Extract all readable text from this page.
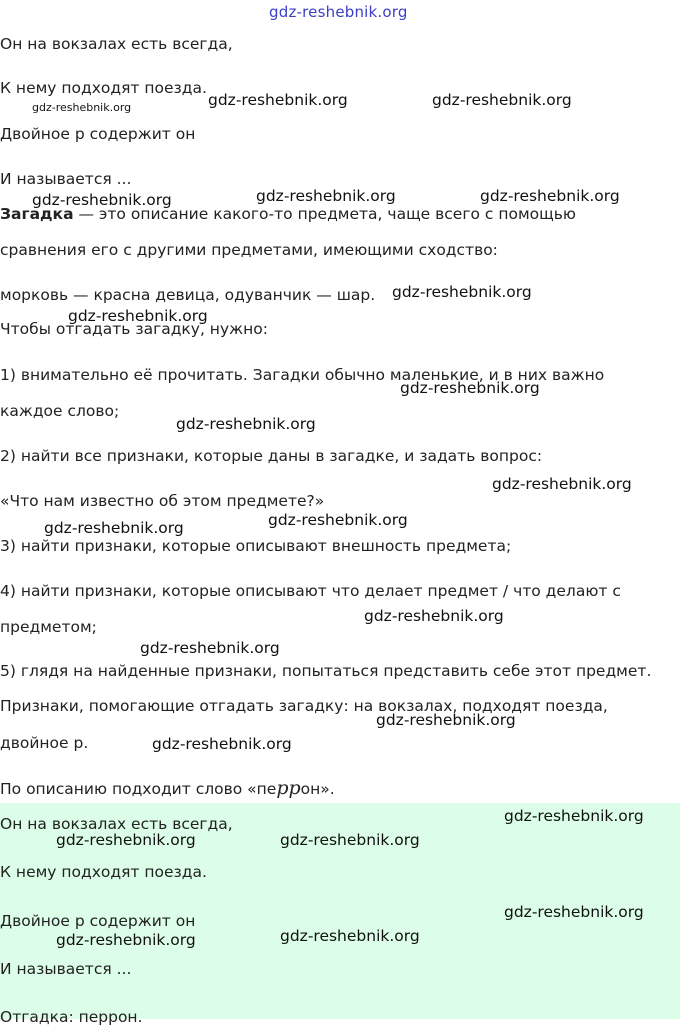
gdz-reshebnik.org
Он на вокзалах есть всегда,
К нему подходят поезда.
Двойное р содержит он
И называется ...
Загадка — это описание какого-то предмета, чаще всего с помощью
сравнения его с другими предметами, имеющими сходство:
морковь — красна девица, одуванчик — шар.
Чтобы отгадать загадку, нужно:
1) внимательно её прочитать. Загадки обычно маленькие, и в них важно
каждое слово;
2) найти все признаки, которые даны в загадке, и задать вопрос:
«Что нам известно об этом предмете?»
3) найти признаки, которые описывают внешность предмета;
4) найти признаки, которые описывают что делает предмет / что делают с
предметом;
5) глядя на найденные признаки, попытаться представить себе этот предмет.
Признаки, помогающие отгадать загадку: на вокзалах, подходят поезда,
двойное р.
По описанию подходит слово «перрон».
Он на вокзалах есть всегда,
К нему подходят поезда.
Двойное р содержит он
И называется ...
Отгадка: перрон.
gdz-reshebnik.org	gdz-reshebnik.org	gdz-reshebnik.org
gdz-reshebnik.org	gdz-reshebnik.org	gdz-reshebnik.org
gdz-reshebnik.org
gdz-reshebnik.org
gdz-reshebnik.org
gdz-reshebnik.org
gdz-reshebnik.org
gdz-reshebnik.org	gdz-reshebnik.org
gdz-reshebnik.org
gdz-reshebnik.org
gdz-reshebnik.org
gdz-reshebnik.org
gdz-reshebnik.org
gdz-reshebnik.org	gdz-reshebnik.org
gdz-reshebnik.org
gdz-reshebnik.org	gdz-reshebnik.org
